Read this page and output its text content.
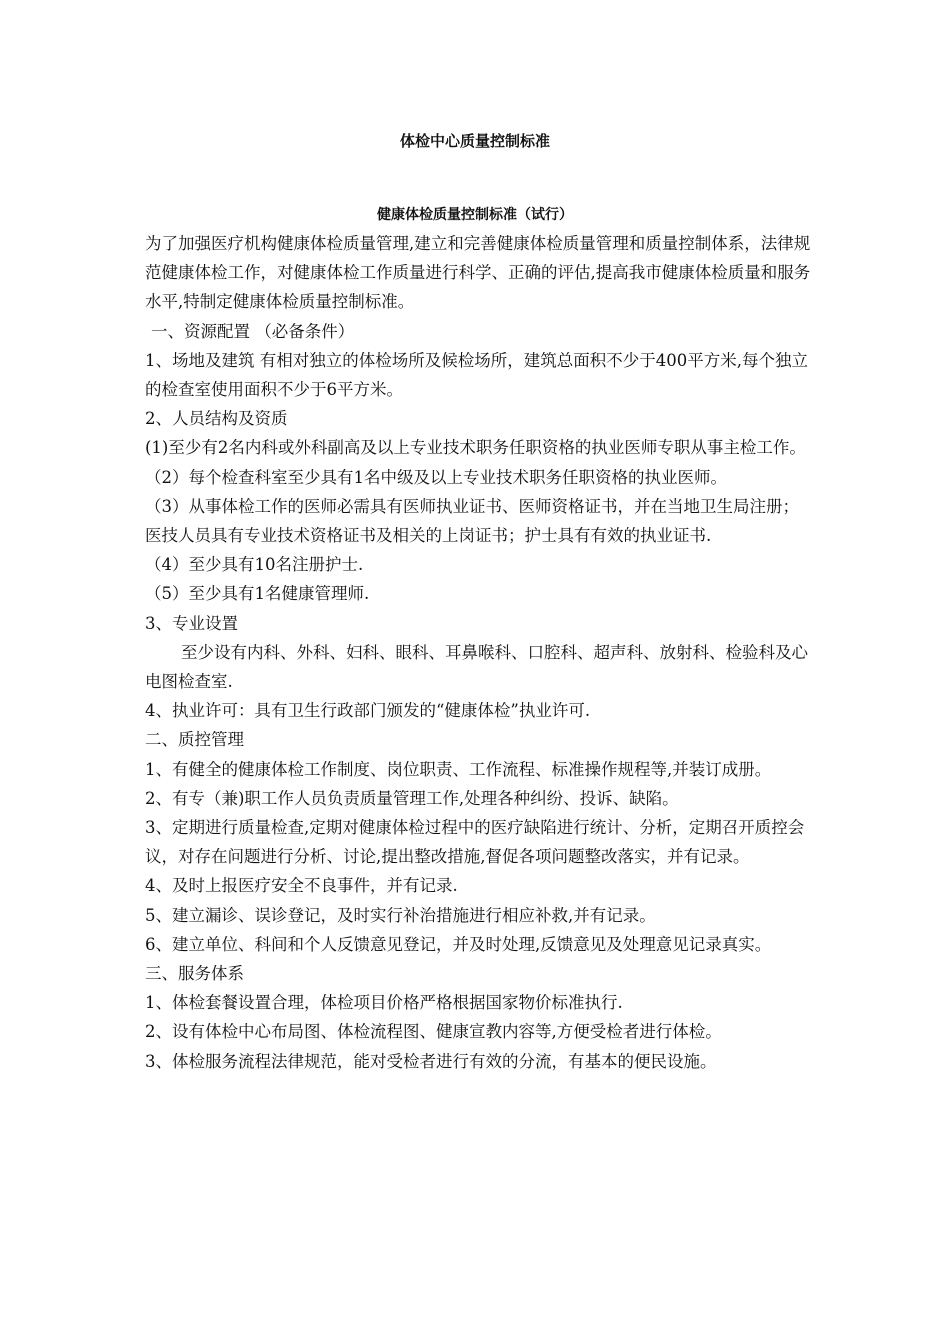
体检中心质量控制标准
健康体检质量控制标准（试行）

为了加强医疗机构健康体检质量管理,建立和完善健康体检质量管理和质量控制体系，法律规范健康体检工作，对健康体检工作质量进行科学、正确的评估,提高我市健康体检质量和服务水平,特制定健康体检质量控制标准。

一、资源配置 （必备条件）

1、场地及建筑 有相对独立的体检场所及候检场所，建筑总面积不少于400平方米,每个独立的检查室使用面积不少于6平方米。

2、人员结构及资质

(1)至少有2名内科或外科副高及以上专业技术职务任职资格的执业医师专职从事主检工作。

（2）每个检查科室至少具有1名中级及以上专业技术职务任职资格的执业医师。

（3）从事体检工作的医师必需具有医师执业证书、医师资格证书，并在当地卫生局注册；医技人员具有专业技术资格证书及相关的上岗证书；护士具有有效的执业证书.

（4）至少具有10名注册护士.

（5）至少具有1名健康管理师.

3、专业设置

至少设有内科、外科、妇科、眼科、耳鼻喉科、口腔科、超声科、放射科、检验科及心电图检查室.

4、执业许可：具有卫生行政部门颁发的“健康体检”执业许可.

二、质控管理

1、有健全的健康体检工作制度、岗位职责、工作流程、标准操作规程等,并装订成册。

2、有专（兼)职工作人员负责质量管理工作,处理各种纠纷、投诉、缺陷。

3、定期进行质量检查,定期对健康体检过程中的医疗缺陷进行统计、分析，定期召开质控会议，对存在问题进行分析、讨论,提出整改措施,督促各项问题整改落实，并有记录。

4、及时上报医疗安全不良事件，并有记录.

5、建立漏诊、误诊登记，及时实行补治措施进行相应补救,并有记录。

6、建立单位、科间和个人反馈意见登记，并及时处理,反馈意见及处理意见记录真实。

三、服务体系

1、体检套餐设置合理，体检项目价格严格根据国家物价标准执行.

2、设有体检中心布局图、体检流程图、健康宣教内容等,方便受检者进行体检。

3、体检服务流程法律规范，能对受检者进行有效的分流，有基本的便民设施。
